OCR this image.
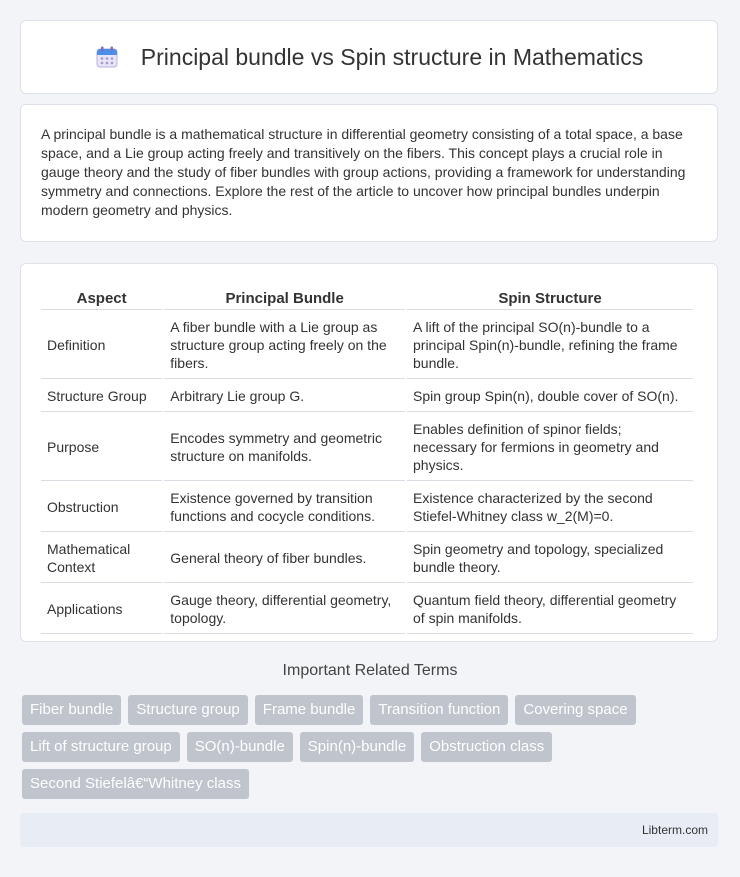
Principal bundle vs Spin structure in Mathematics

A principal bundle is a mathematical structure in differential geometry consisting of a total space, a base space, and a Lie group acting freely and transitively on the fibers. This concept plays a crucial role in gauge theory and the study of fiber bundles with group actions, providing a framework for understanding symmetry and connections. Explore the rest of the article to uncover how principal bundles underpin modern geometry and physics.

Aspect	Principal Bundle	Spin Structure
Definition	A fiber bundle with a Lie group as structure group acting freely on the fibers.	A lift of the principal SO(n)-bundle to a principal Spin(n)-bundle, refining the frame bundle.
Structure Group	Arbitrary Lie group G.	Spin group Spin(n), double cover of SO(n).
Purpose	Encodes symmetry and geometric structure on manifolds.	Enables definition of spinor fields; necessary for fermions in geometry and physics.
Obstruction	Existence governed by transition functions and cocycle conditions.	Existence characterized by the second Stiefel-Whitney class w_2(M)=0.
Mathematical Context	General theory of fiber bundles.	Spin geometry and topology, specialized bundle theory.
Applications	Gauge theory, differential geometry, topology.	Quantum field theory, differential geometry of spin manifolds.
Important Related Terms
Fiber bundle	Structure group	Frame bundle	Transition function	Covering space
Lift of structure group	SO(n)-bundle	Spin(n)-bundle	Obstruction class
Second Stiefelâ€“Whitney class
Libterm.com
